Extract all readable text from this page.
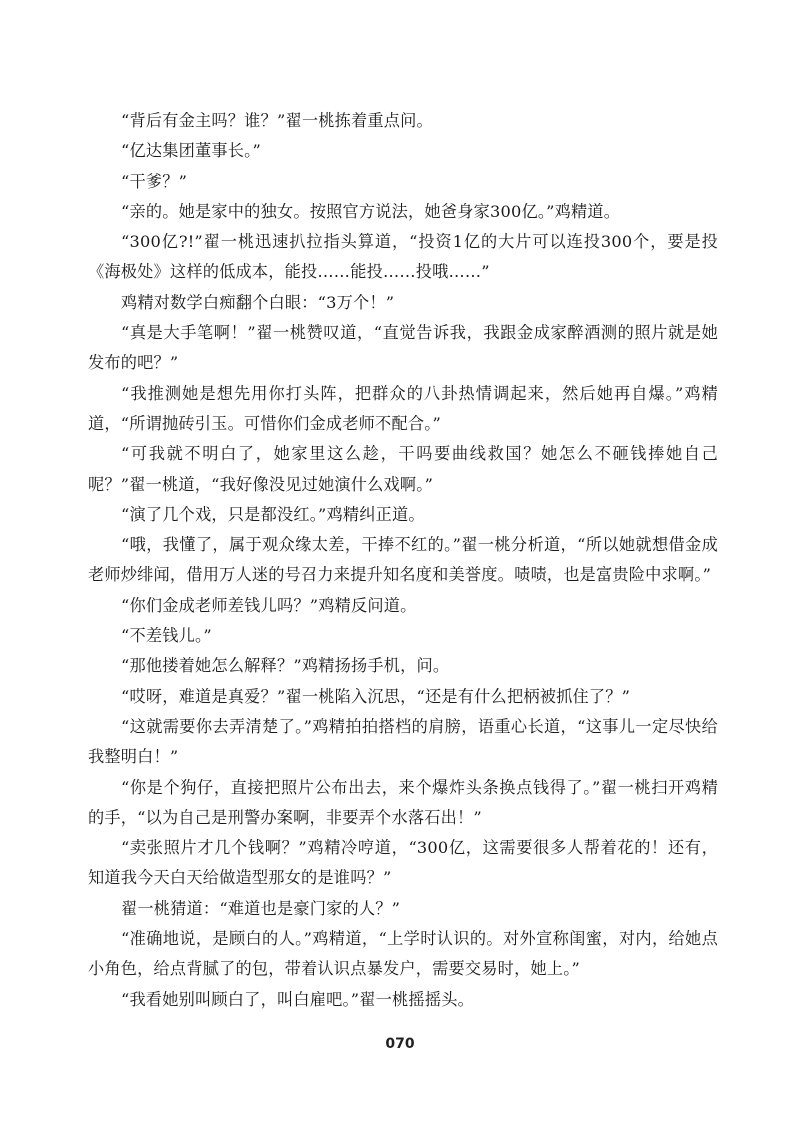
“背后有金主吗？谁？”翟一桃拣着重点问。

“亿达集团董事长。”

“干爹？”

“亲的。她是家中的独女。按照官方说法，她爸身家300亿。”鸡精道。

“300亿?!”翟一桃迅速扒拉指头算道，“投资1亿的大片可以连投300个，要是投《海极处》这样的低成本，能投……能投……投哦……”

鸡精对数学白痴翻个白眼：“3万个！”

“真是大手笔啊！”翟一桃赞叹道，“直觉告诉我，我跟金成家醉酒测的照片就是她发布的吧？”

“我推测她是想先用你打头阵，把群众的八卦热情调起来，然后她再自爆。”鸡精道，“所谓抛砖引玉。可惜你们金成老师不配合。”

“可我就不明白了，她家里这么趁，干吗要曲线救国？她怎么不砸钱捧她自己呢？”翟一桃道，“我好像没见过她演什么戏啊。”

“演了几个戏，只是都没红。”鸡精纠正道。

“哦，我懂了，属于观众缘太差，干捧不红的。”翟一桃分析道，“所以她就想借金成老师炒绯闻，借用万人迷的号召力来提升知名度和美誉度。啧啧，也是富贵险中求啊。”

“你们金成老师差钱儿吗？”鸡精反问道。

“不差钱儿。”

“那他搂着她怎么解释？”鸡精扬扬手机，问。

“哎呀，难道是真爱？”翟一桃陷入沉思，“还是有什么把柄被抓住了？”

“这就需要你去弄清楚了。”鸡精拍拍搭档的肩膀，语重心长道，“这事儿一定尽快给我整明白！”

“你是个狗仔，直接把照片公布出去，来个爆炸头条换点钱得了。”翟一桃扫开鸡精的手，“以为自己是刑警办案啊，非要弄个水落石出！”

“卖张照片才几个钱啊？”鸡精冷哼道，“300亿，这需要很多人帮着花的！还有，知道我今天白天给做造型那女的是谁吗？”

翟一桃猜道：“难道也是豪门家的人？”

“准确地说，是顾白的人。”鸡精道，“上学时认识的。对外宣称闺蜜，对内，给她点小角色，给点背腻了的包，带着认识点暴发户，需要交易时，她上。”

“我看她别叫顾白了，叫白雇吧。”翟一桃摇摇头。

070
